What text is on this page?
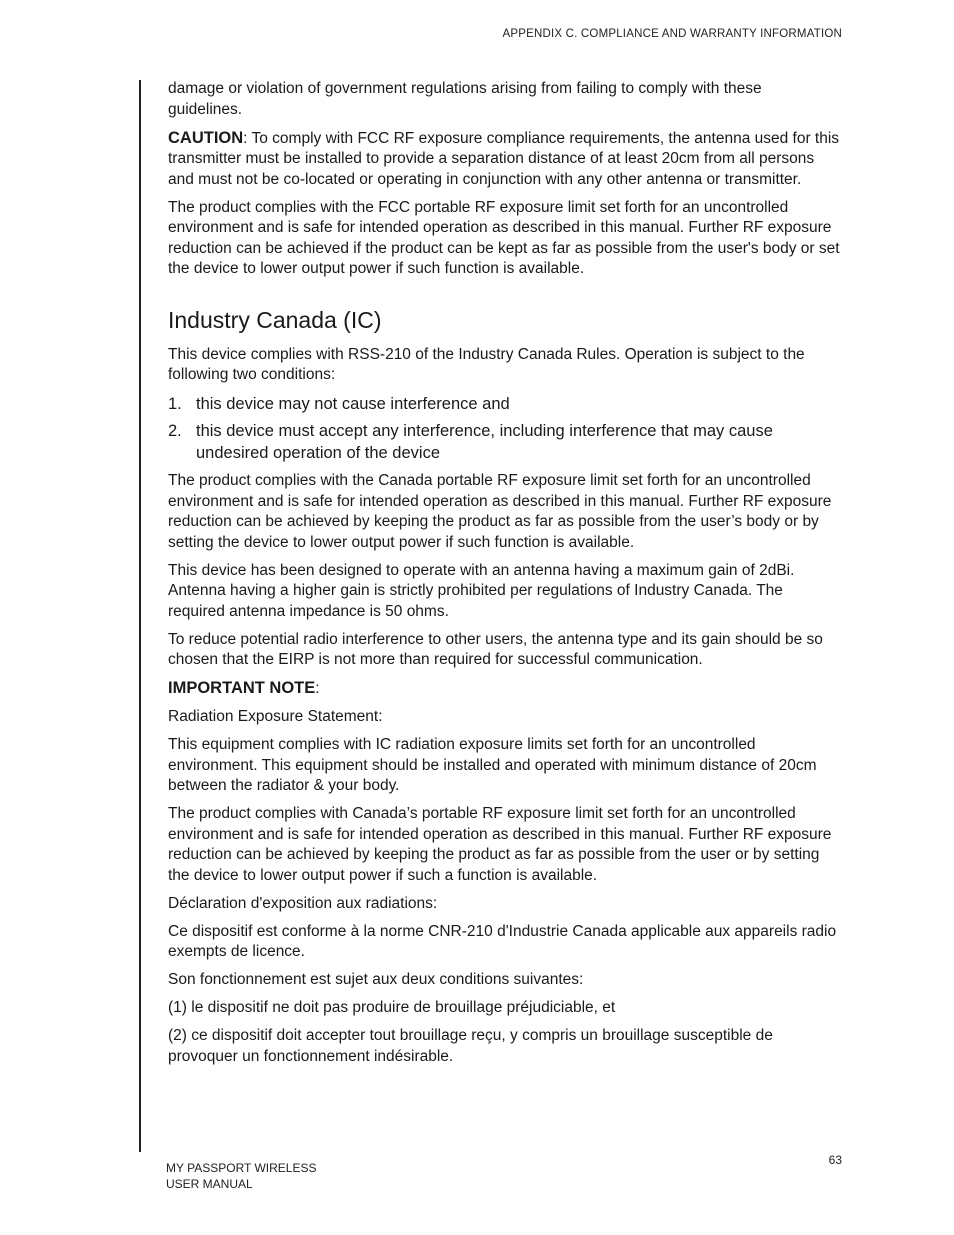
APPENDIX C. COMPLIANCE AND WARRANTY INFORMATION

damage or violation of government regulations arising from failing to comply with these guidelines.

CAUTION: To comply with FCC RF exposure compliance requirements, the antenna used for this transmitter must be installed to provide a separation distance of at least 20cm from all persons and must not be co-located or operating in conjunction with any other antenna or transmitter.

The product complies with the FCC portable RF exposure limit set forth for an uncontrolled environment and is safe for intended operation as described in this manual. Further RF exposure reduction can be achieved if the product can be kept as far as possible from the user's body or set the device to lower output power if such function is available.

Industry Canada (IC)

This device complies with RSS-210 of the Industry Canada Rules. Operation is subject to the following two conditions:

1. this device may not cause interference and
2. this device must accept any interference, including interference that may cause undesired operation of the device

The product complies with the Canada portable RF exposure limit set forth for an uncontrolled environment and is safe for intended operation as described in this manual. Further RF exposure reduction can be achieved by keeping the product as far as possible from the user’s body or by setting the device to lower output power if such function is available.

This device has been designed to operate with an antenna having a maximum gain of 2dBi. Antenna having a higher gain is strictly prohibited per regulations of Industry Canada. The required antenna impedance is 50 ohms.

To reduce potential radio interference to other users, the antenna type and its gain should be so chosen that the EIRP is not more than required for successful communication.

IMPORTANT NOTE:

Radiation Exposure Statement:

This equipment complies with IC radiation exposure limits set forth for an uncontrolled environment. This equipment should be installed and operated with minimum distance of 20cm between the radiator & your body.

The product complies with Canada’s portable RF exposure limit set forth for an uncontrolled environment and is safe for intended operation as described in this manual. Further RF exposure reduction can be achieved by keeping the product as far as possible from the user or by setting the device to lower output power if such a function is available.

Déclaration d'exposition aux radiations:

Ce dispositif est conforme à la norme CNR-210 d'Industrie Canada applicable aux appareils radio exempts de licence.

Son fonctionnement est sujet aux deux conditions suivantes:

(1) le dispositif ne doit pas produire de brouillage préjudiciable, et

(2) ce dispositif doit accepter tout brouillage reçu, y compris un brouillage susceptible de provoquer un fonctionnement indésirable.

MY PASSPORT WIRELESS
USER MANUAL
63
